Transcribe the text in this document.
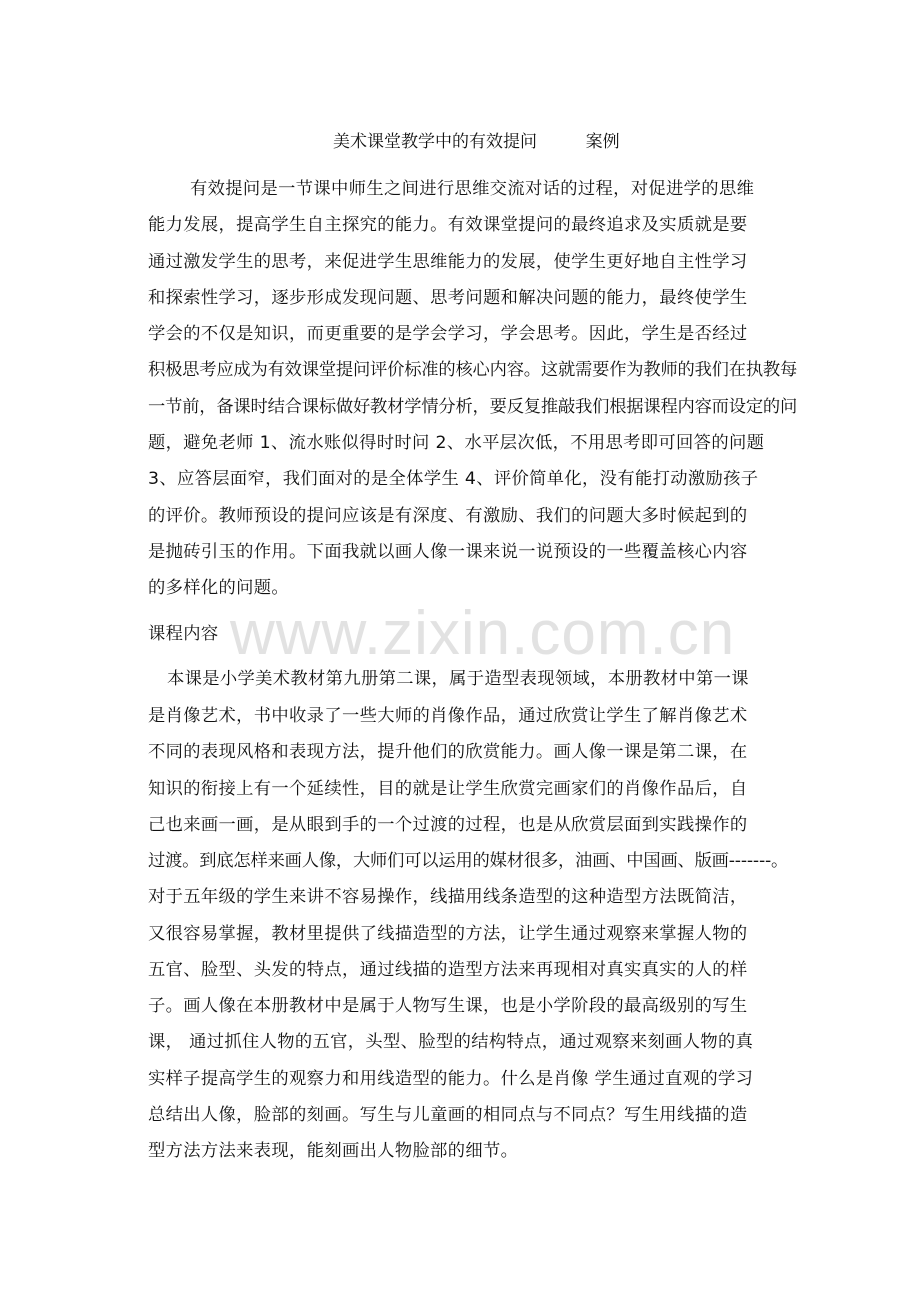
www.zixin.com.cn
美术课堂教学中的有效提问         案例
有效提问是一节课中师生之间进行思维交流对话的过程，对促进学的思维
能力发展，提高学生自主探究的能力。有效课堂提问的最终追求及实质就是要
通过激发学生的思考，来促进学生思维能力的发展，使学生更好地自主性学习
和探索性学习，逐步形成发现问题、思考问题和解决问题的能力，最终使学生
学会的不仅是知识，而更重要的是学会学习，学会思考。因此，学生是否经过
积极思考应成为有效课堂提问评价标准的核心内容。这就需要作为教师的我们在执教每
一节前，备课时结合课标做好教材学情分析，要反复推敲我们根据课程内容而设定的问
题，避免老师 1、流水账似得时时问 2、水平层次低，不用思考即可回答的问题
3、应答层面窄，我们面对的是全体学生 4、评价简单化，没有能打动激励孩子
的评价。教师预设的提问应该是有深度、有激励、我们的问题大多时候起到的
是抛砖引玉的作用。下面我就以画人像一课来说一说预设的一些覆盖核心内容
的多样化的问题。
课程内容
本课是小学美术教材第九册第二课，属于造型表现领域，本册教材中第一课
是肖像艺术，书中收录了一些大师的肖像作品，通过欣赏让学生了解肖像艺术
不同的表现风格和表现方法，提升他们的欣赏能力。画人像一课是第二课，在
知识的衔接上有一个延续性，目的就是让学生欣赏完画家们的肖像作品后，自
己也来画一画，是从眼到手的一个过渡的过程，也是从欣赏层面到实践操作的
过渡。到底怎样来画人像，大师们可以运用的媒材很多，油画、中国画、版画-------。
对于五年级的学生来讲不容易操作，线描用线条造型的这种造型方法既简洁，
又很容易掌握，教材里提供了线描造型的方法，让学生通过观察来掌握人物的
五官、脸型、头发的特点，通过线描的造型方法来再现相对真实真实的人的样
子。画人像在本册教材中是属于人物写生课，也是小学阶段的最高级别的写生
课， 通过抓住人物的五官，头型、脸型的结构特点，通过观察来刻画人物的真
实样子提高学生的观察力和用线造型的能力。什么是肖像 学生通过直观的学习
总结出人像，脸部的刻画。写生与儿童画的相同点与不同点？写生用线描的造
型方法方法来表现，能刻画出人物脸部的细节。
